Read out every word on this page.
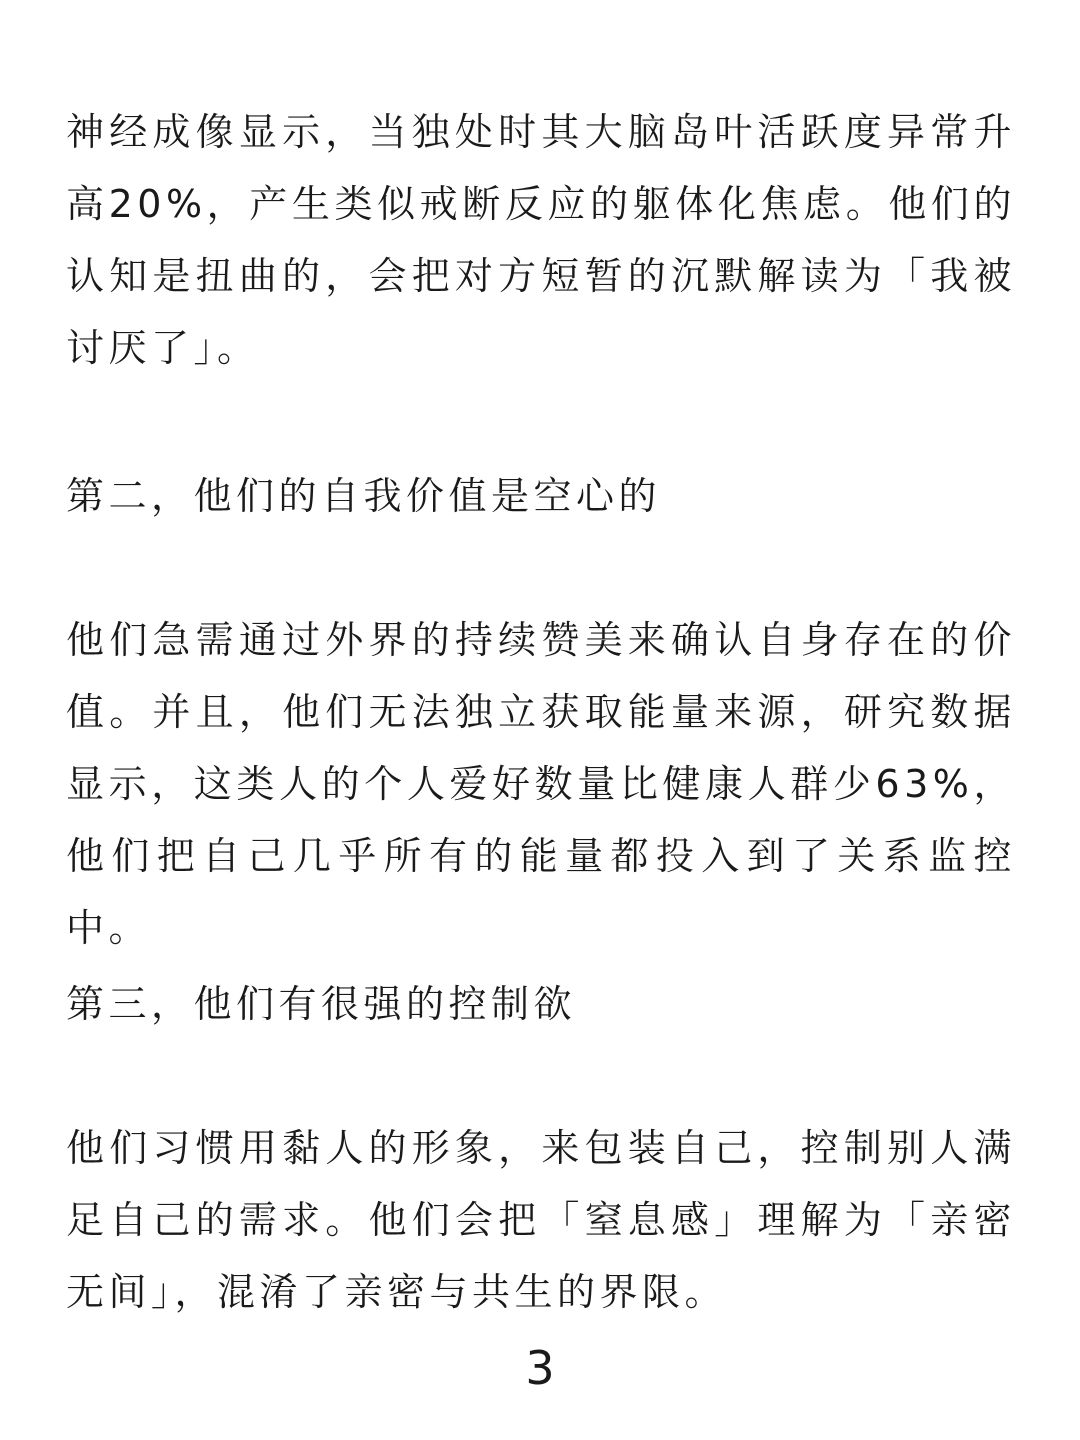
神经成像显示，当独处时其大脑岛叶活跃度异常升高20%，产生类似戒断反应的躯体化焦虑。他们的认知是扭曲的，会把对方短暂的沉默解读为「我被讨厌了」。

第二，他们的自我价值是空心的

他们急需通过外界的持续赞美来确认自身存在的价值。并且，他们无法独立获取能量来源，研究数据显示，这类人的个人爱好数量比健康人群少63%，他们把自己几乎所有的能量都投入到了关系监控中。

第三，他们有很强的控制欲

他们习惯用黏人的形象，来包装自己，控制别人满足自己的需求。他们会把「窒息感」理解为「亲密无间」，混淆了亲密与共生的界限。

3
